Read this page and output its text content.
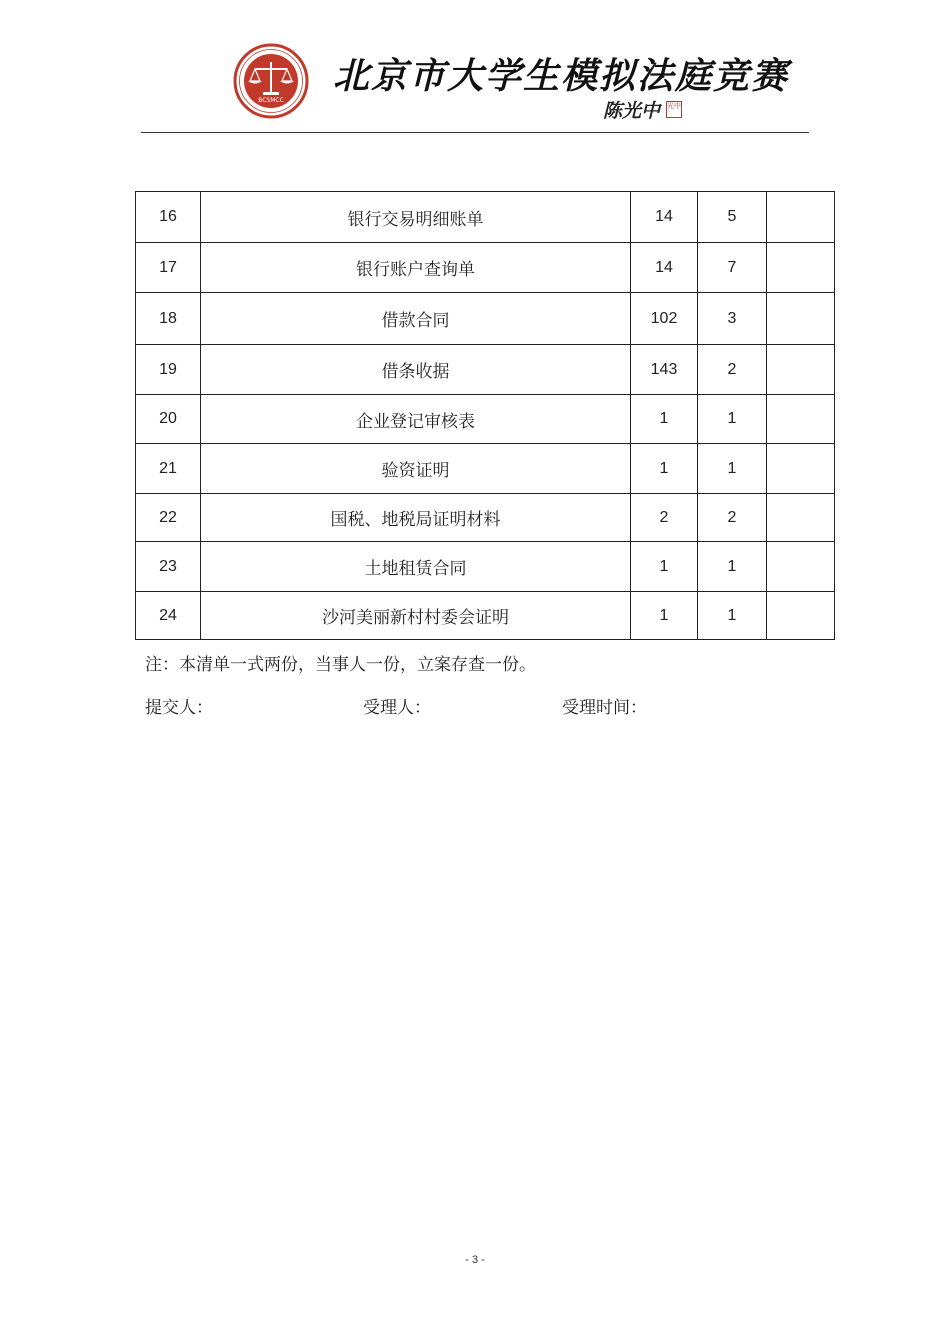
BCSMCC
北京市大学生模拟法庭竞赛
陈光中 光中
16	银行交易明细账单	14	5	
17	银行账户查询单	14	7	
18	借款合同	102	3	
19	借条收据	143	2	
20	企业登记审核表	1	1	
21	验资证明	1	1	
22	国税、地税局证明材料	2	2	
23	土地租赁合同	1	1	
24	沙河美丽新村村委会证明	1	1	
注：本清单一式两份，当事人一份，立案存查一份。
提交人：	受理人：	受理时间：
- 3 -
